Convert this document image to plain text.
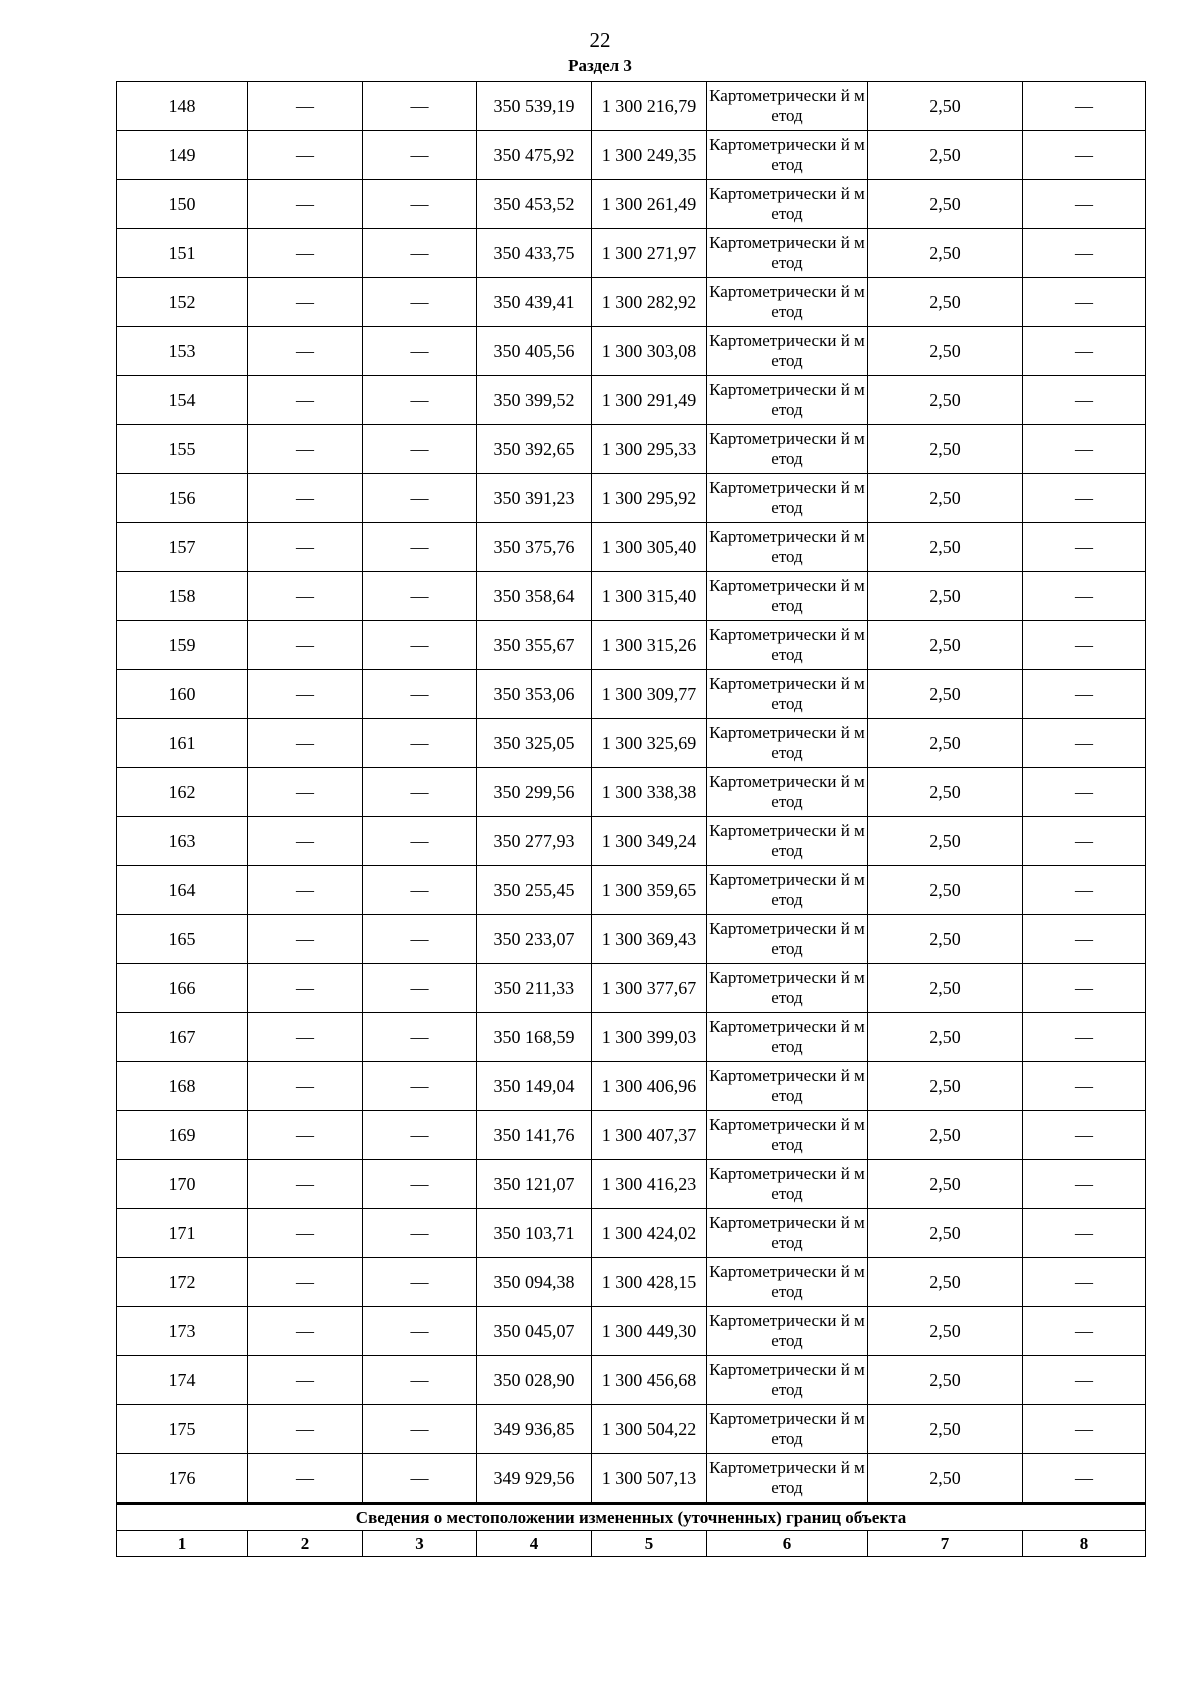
22
Раздел 3
148	—	—	350 539,19	1 300 216,79	Картометрически й метод	2,50	—
149	—	—	350 475,92	1 300 249,35	Картометрически й метод	2,50	—
150	—	—	350 453,52	1 300 261,49	Картометрически й метод	2,50	—
151	—	—	350 433,75	1 300 271,97	Картометрически й метод	2,50	—
152	—	—	350 439,41	1 300 282,92	Картометрически й метод	2,50	—
153	—	—	350 405,56	1 300 303,08	Картометрически й метод	2,50	—
154	—	—	350 399,52	1 300 291,49	Картометрически й метод	2,50	—
155	—	—	350 392,65	1 300 295,33	Картометрически й метод	2,50	—
156	—	—	350 391,23	1 300 295,92	Картометрически й метод	2,50	—
157	—	—	350 375,76	1 300 305,40	Картометрически й метод	2,50	—
158	—	—	350 358,64	1 300 315,40	Картометрически й метод	2,50	—
159	—	—	350 355,67	1 300 315,26	Картометрически й метод	2,50	—
160	—	—	350 353,06	1 300 309,77	Картометрически й метод	2,50	—
161	—	—	350 325,05	1 300 325,69	Картометрически й метод	2,50	—
162	—	—	350 299,56	1 300 338,38	Картометрически й метод	2,50	—
163	—	—	350 277,93	1 300 349,24	Картометрически й метод	2,50	—
164	—	—	350 255,45	1 300 359,65	Картометрически й метод	2,50	—
165	—	—	350 233,07	1 300 369,43	Картометрически й метод	2,50	—
166	—	—	350 211,33	1 300 377,67	Картометрически й метод	2,50	—
167	—	—	350 168,59	1 300 399,03	Картометрически й метод	2,50	—
168	—	—	350 149,04	1 300 406,96	Картометрически й метод	2,50	—
169	—	—	350 141,76	1 300 407,37	Картометрически й метод	2,50	—
170	—	—	350 121,07	1 300 416,23	Картометрически й метод	2,50	—
171	—	—	350 103,71	1 300 424,02	Картометрически й метод	2,50	—
172	—	—	350 094,38	1 300 428,15	Картометрически й метод	2,50	—
173	—	—	350 045,07	1 300 449,30	Картометрически й метод	2,50	—
174	—	—	350 028,90	1 300 456,68	Картометрически й метод	2,50	—
175	—	—	349 936,85	1 300 504,22	Картометрически й метод	2,50	—
176	—	—	349 929,56	1 300 507,13	Картометрически й метод	2,50	—
Сведения о местоположении измененных (уточненных) границ объекта							
1	2	3	4	5	6	7	8
